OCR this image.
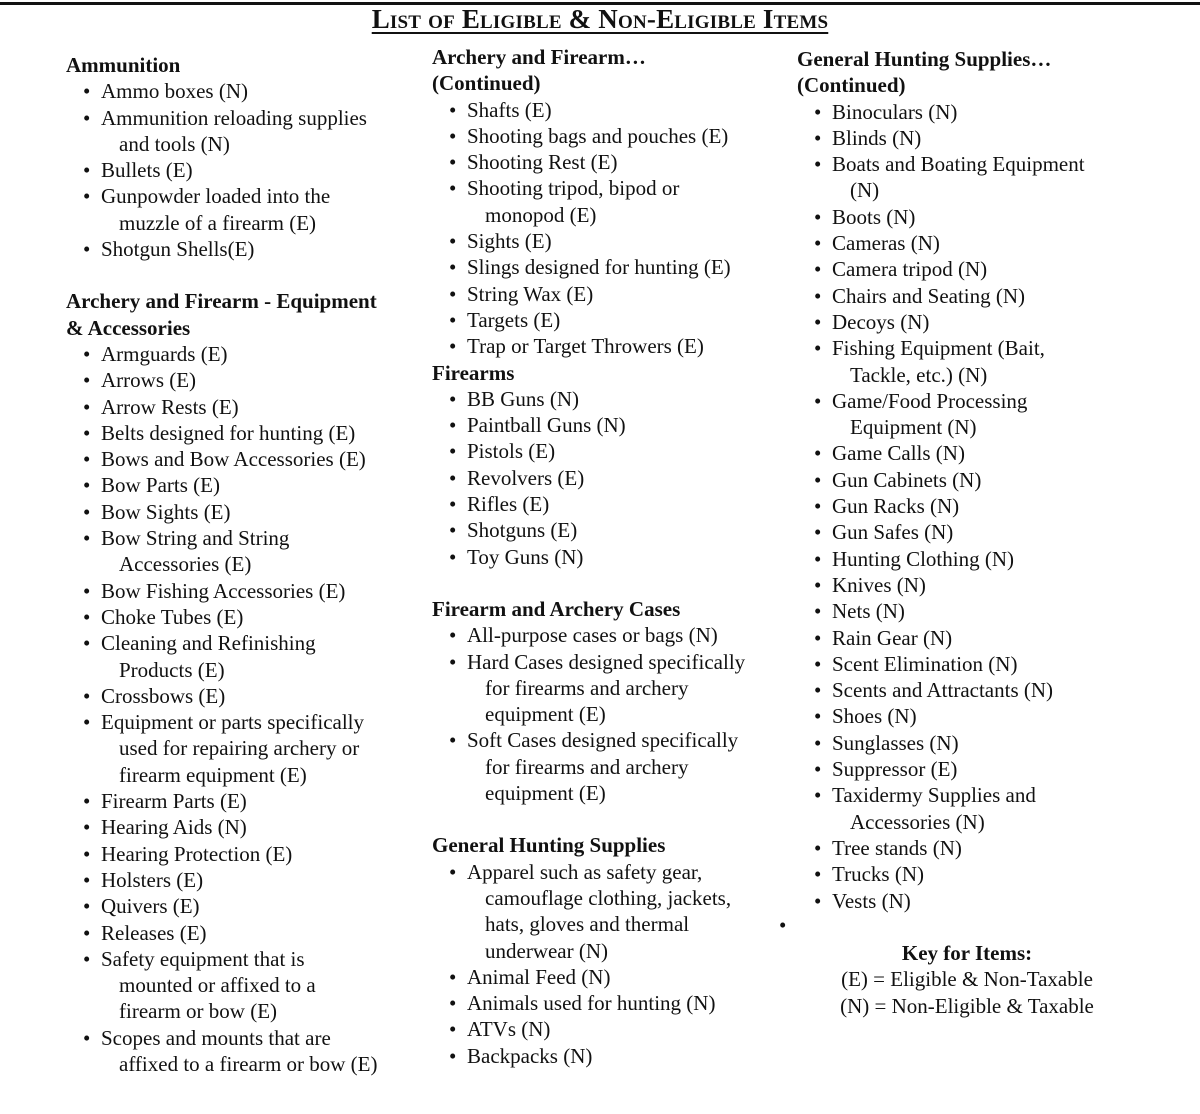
List of Eligible & Non-Eligible Items
Ammunition
• Ammo boxes (N)
• Ammunition reloading supplies
and tools (N)
• Bullets (E)
• Gunpowder loaded into the
muzzle of a firearm (E)
• Shotgun Shells(E)
Archery and Firearm - Equipment
& Accessories
• Armguards (E)
• Arrows (E)
• Arrow Rests (E)
• Belts designed for hunting (E)
• Bows and Bow Accessories (E)
• Bow Parts (E)
• Bow Sights (E)
• Bow String and String
Accessories (E)
• Bow Fishing Accessories (E)
• Choke Tubes (E)
• Cleaning and Refinishing
Products (E)
• Crossbows (E)
• Equipment or parts specifically
used for repairing archery or
firearm equipment (E)
• Firearm Parts (E)
• Hearing Aids (N)
• Hearing Protection (E)
• Holsters (E)
• Quivers (E)
• Releases (E)
• Safety equipment that is
mounted or affixed to a
firearm or bow (E)
• Scopes and mounts that are
affixed to a firearm or bow (E)
Archery and Firearm…
(Continued)
• Shafts (E)
• Shooting bags and pouches (E)
• Shooting Rest (E)
• Shooting tripod, bipod or
monopod (E)
• Sights (E)
• Slings designed for hunting (E)
• String Wax (E)
• Targets (E)
• Trap or Target Throwers (E)
Firearms
• BB Guns (N)
• Paintball Guns (N)
• Pistols (E)
• Revolvers (E)
• Rifles (E)
• Shotguns (E)
• Toy Guns (N)
Firearm and Archery Cases
• All-purpose cases or bags (N)
• Hard Cases designed specifically
for firearms and archery
equipment (E)
• Soft Cases designed specifically
for firearms and archery
equipment (E)
General Hunting Supplies
• Apparel such as safety gear,
camouflage clothing, jackets,
hats, gloves and thermal
underwear (N)
• Animal Feed (N)
• Animals used for hunting (N)
• ATVs (N)
• Backpacks (N)
General Hunting Supplies…
(Continued)
• Binoculars (N)
• Blinds (N)
• Boats and Boating Equipment
(N)
• Boots (N)
• Cameras (N)
• Camera tripod (N)
• Chairs and Seating (N)
• Decoys (N)
• Fishing Equipment (Bait,
Tackle, etc.) (N)
• Game/Food Processing
Equipment (N)
• Game Calls (N)
• Gun Cabinets (N)
• Gun Racks (N)
• Gun Safes (N)
• Hunting Clothing (N)
• Knives (N)
• Nets (N)
• Rain Gear (N)
• Scent Elimination (N)
• Scents and Attractants (N)
• Shoes (N)
• Sunglasses (N)
• Suppressor (E)
• Taxidermy Supplies and
Accessories (N)
• Tree stands (N)
• Trucks (N)
• Vests (N)
•
Key for Items:
(E) = Eligible & Non-Taxable
(N) = Non-Eligible & Taxable
